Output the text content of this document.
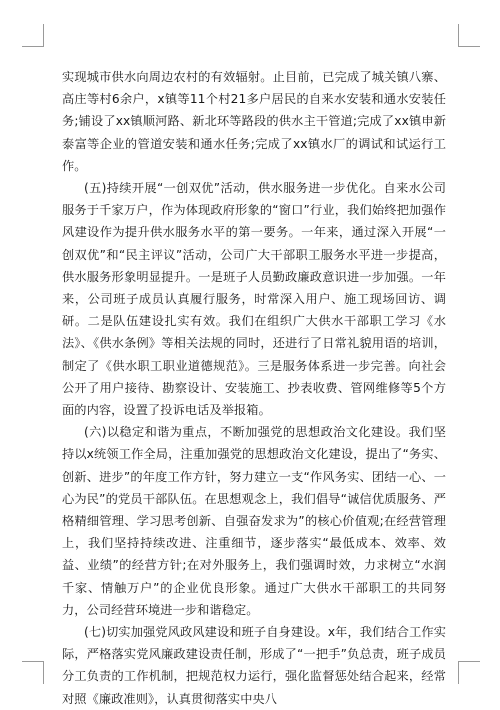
实现城市供水向周边农村的有效辐射。止目前，已完成了城关镇八寨、高庄等村6余户，x镇等11个村21多户居民的自来水安装和通水安装任务;铺设了xx镇顺河路、新北环等路段的供水主干管道;完成了xx镇申新泰富等企业的管道安装和通水任务;完成了xx镇水厂的调试和试运行工作。

(五)持续开展“一创双优”活动，供水服务进一步优化。自来水公司服务于千家万户，作为体现政府形象的“窗口”行业，我们始终把加强作风建设作为提升供水服务水平的第一要务。一年来，通过深入开展“一创双优”和“民主评议”活动，公司广大干部职工服务水平进一步提高，供水服务形象明显提升。一是班子人员勤政廉政意识进一步加强。一年来，公司班子成员认真履行服务，时常深入用户、施工现场回访、调研。二是队伍建设扎实有效。我们在组织广大供水干部职工学习《水法》、《供水条例》等相关法规的同时，还进行了日常礼貌用语的培训，制定了《供水职工职业道德规范》。三是服务体系进一步完善。向社会公开了用户接待、勘察设计、安装施工、抄表收费、管网维修等5个方面的内容，设置了投诉电话及举报箱。

(六)以稳定和谐为重点，不断加强党的思想政治文化建设。我们坚持以x统领工作全局，注重加强党的思想政治文化建设，提出了“务实、创新、进步”的年度工作方针，努力建立一支“作风务实、团结一心、一心为民”的党员干部队伍。在思想观念上，我们倡导“诚信优质服务、严格精细管理、学习思考创新、自强奋发求为”的核心价值观;在经营管理上，我们坚持持续改进、注重细节，逐步落实“最低成本、效率、效益、业绩”的经营方针;在对外服务上，我们强调时效，力求树立“水润千家、情触万户”的企业优良形象。通过广大供水干部职工的共同努力，公司经营环境进一步和谐稳定。

(七)切实加强党风政风建设和班子自身建设。x年，我们结合工作实际，严格落实党风廉政建设责任制，形成了“一把手”负总责，班子成员分工负责的工作机制，把规范权力运行，强化监督惩处结合起来，经常对照《廉政准则》，认真贯彻落实中央八
